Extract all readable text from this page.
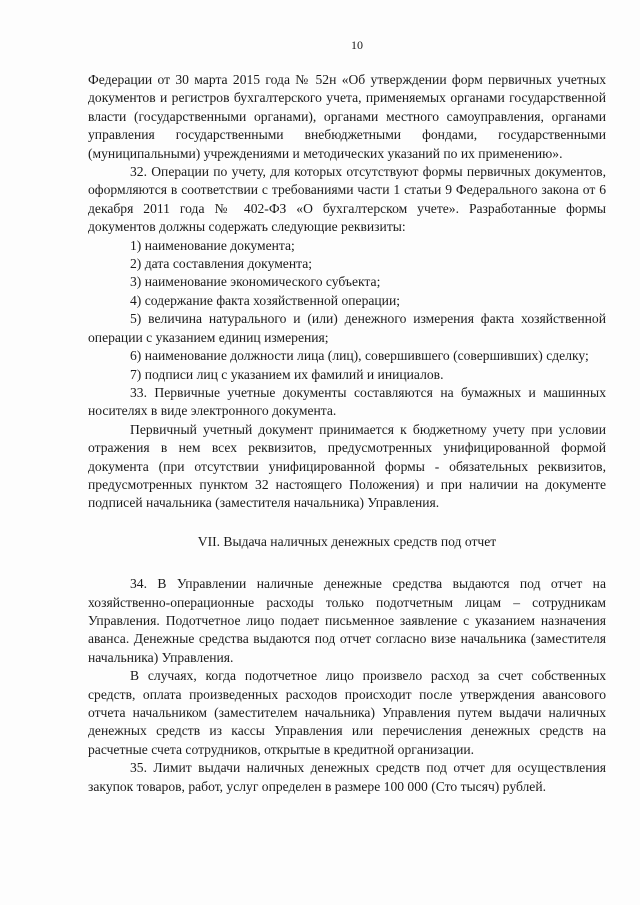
10

Федерации от 30 марта 2015 года № 52н «Об утверждении форм первичных учетных документов и регистров бухгалтерского учета, применяемых органами государственной власти (государственными органами), органами местного самоуправления, органами управления государственными внебюджетными фондами, государственными (муниципальными) учреждениями и методических указаний по их применению».

32. Операции по учету, для которых отсутствуют формы первичных документов, оформляются в соответствии с требованиями части 1 статьи 9 Федерального закона от 6 декабря 2011 года № 402-ФЗ «О бухгалтерском учете». Разработанные формы документов должны содержать следующие реквизиты:

1) наименование документа;

2) дата составления документа;

3) наименование экономического субъекта;

4) содержание факта хозяйственной операции;

5) величина натурального и (или) денежного измерения факта хозяйственной операции с указанием единиц измерения;

6) наименование должности лица (лиц), совершившего (совершивших) сделку;

7) подписи лиц с указанием их фамилий и инициалов.

33. Первичные учетные документы составляются на бумажных и машинных носителях в виде электронного документа.

Первичный учетный документ принимается к бюджетному учету при условии отражения в нем всех реквизитов, предусмотренных унифицированной формой документа (при отсутствии унифицированной формы - обязательных реквизитов, предусмотренных пунктом 32 настоящего Положения) и при наличии на документе подписей начальника (заместителя начальника) Управления.

VII. Выдача наличных денежных средств под отчет

34. В Управлении наличные денежные средства выдаются под отчет на хозяйственно-операционные расходы только подотчетным лицам – сотрудникам Управления. Подотчетное лицо подает письменное заявление с указанием назначения аванса. Денежные средства выдаются под отчет согласно визе начальника (заместителя начальника) Управления.

В случаях, когда подотчетное лицо произвело расход за счет собственных средств, оплата произведенных расходов происходит после утверждения авансового отчета начальником (заместителем начальника) Управления путем выдачи наличных денежных средств из кассы Управления или перечисления денежных средств на расчетные счета сотрудников, открытые в кредитной организации.

35. Лимит выдачи наличных денежных средств под отчет для осуществления закупок товаров, работ, услуг определен в размере 100 000 (Сто тысяч) рублей.
